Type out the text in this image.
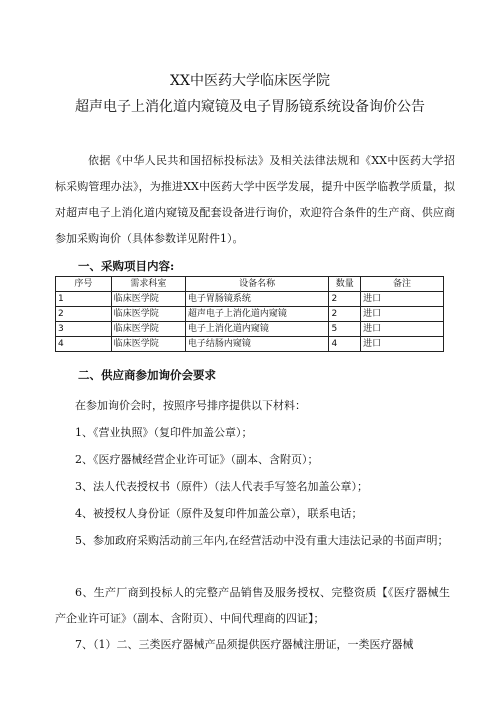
XX中医药大学临床医学院
超声电子上消化道内窥镜及电子胃肠镜系统设备询价公告

依据《中华人民共和国招标投标法》及相关法律法规和《XX中医药大学招标采购管理办法》，为推进XX中医药大学中医学发展，提升中医学临教学质量，拟对超声电子上消化道内窥镜及配套设备进行询价，欢迎符合条件的生产商、供应商参加采购询价（具体参数详见附件1）。

一、采购项目内容:
序号	需求科室	设备名称	数量	备注
1	临床医学院	电子胃肠镜系统	2	进口
2	临床医学院	超声电子上消化道内窥镜	2	进口
3	临床医学院	电子上消化道内窥镜	5	进口
4	临床医学院	电子结肠内窥镜	4	进口
二、供应商参加询价会要求

在参加询价会时，按照序号排序提供以下材料：

1、《营业执照》（复印件加盖公章）；

2、《医疗器械经营企业许可证》（副本、含附页）；

3、法人代表授权书（原件）（法人代表手写签名加盖公章）；

4、被授权人身份证（原件及复印件加盖公章），联系电话；

5、参加政府采购活动前三年内,在经营活动中没有重大违法记录的书面声明；

6、生产厂商到投标人的完整产品销售及服务授权、完整资质【《医疗器械生产企业许可证》（副本、含附页）、中间代理商的四证】；

7、（1）二、三类医疗器械产品须提供医疗器械注册证，一类医疗器械
